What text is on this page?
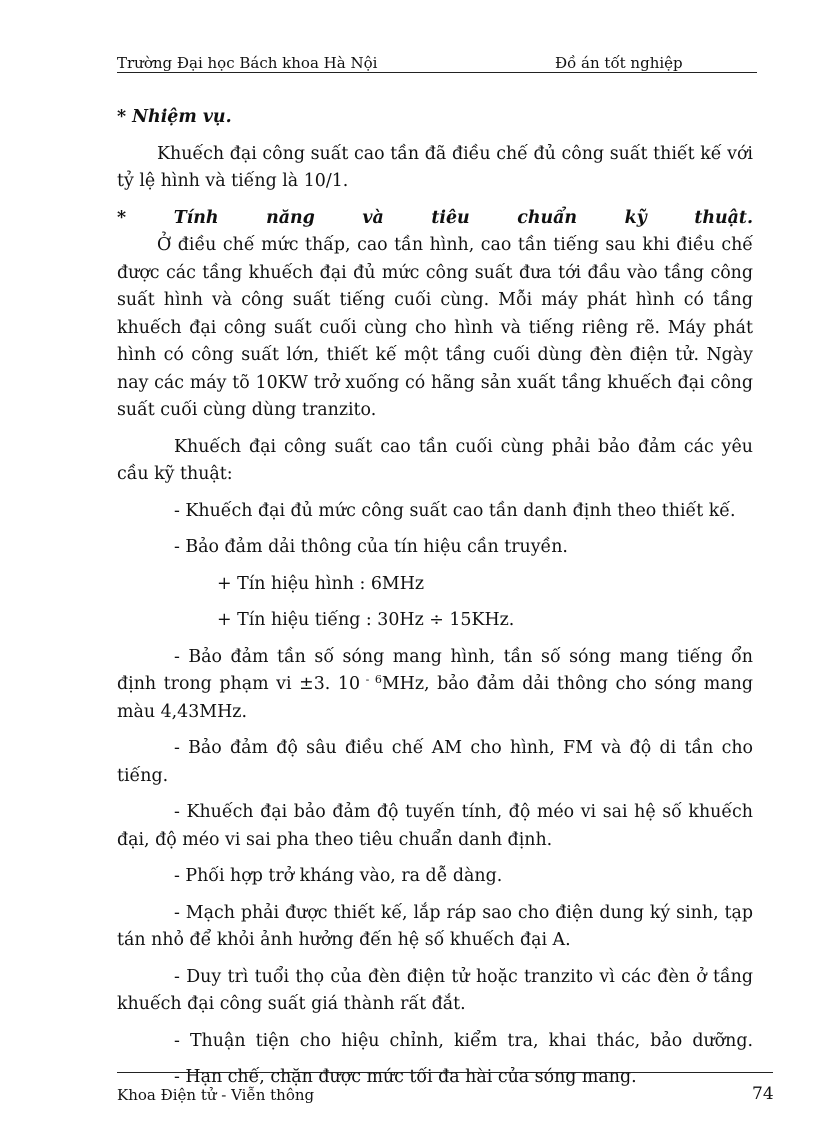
Trường Đại học Bách khoa Hà Nội	Đồ án tốt nghiệp

* Nhiệm vụ.

Khuếch đại công suất cao tần đã điều chế đủ công suất thiết kế với tỷ lệ hình và tiếng là 10/1.

*	Tính năng và tiêu chuẩn kỹ thuật.

Ở điều chế mức thấp, cao tần hình, cao tần tiếng sau khi điều chế được các tầng khuếch đại đủ mức công suất đưa tới đầu vào tầng công suất hình và công suất tiếng cuối cùng. Mỗi máy phát hình có tầng khuếch đại công suất cuối cùng cho hình và tiếng riêng rẽ. Máy phát hình có công suất lớn, thiết kế một tầng cuối dùng đèn điện tử. Ngày nay các máy tõ 10KW trở xuống có hãng sản xuất tầng khuếch đại công suất cuối cùng dùng tranzito.

Khuếch đại công suất cao tần cuối cùng phải bảo đảm các yêu cầu kỹ thuật:

- Khuếch đại đủ mức công suất cao tần danh định theo thiết kế.

- Bảo đảm dải thông của tín hiệu cần truyền.

+ Tín hiệu hình : 6MHz

+ Tín hiệu tiếng : 30Hz ÷ 15KHz.

- Bảo đảm tần số sóng mang hình, tần số sóng mang tiếng ổn định trong phạm vi ±3. 10 $^{- 6}$MHz, bảo đảm dải thông cho sóng mang màu 4,43MHz.

- Bảo đảm độ sâu điều chế AM cho hình, FM và độ di tần cho tiếng.

- Khuếch đại bảo đảm độ tuyến tính, độ méo vi sai hệ số khuếch đại, độ méo vi sai pha theo tiêu chuẩn danh định.

- Phối hợp trở kháng vào, ra dễ dàng.

- Mạch phải được thiết kế, lắp ráp sao cho điện dung ký sinh, tạp tán nhỏ để khỏi ảnh hưởng đến hệ số khuếch đại A.

- Duy trì tuổi thọ của đèn điện tử hoặc tranzito vì các đèn ở tầng khuếch đại công suất giá thành rất đắt.

- Thuận tiện cho hiệu chỉnh, kiểm tra, khai thác, bảo dưỡng.

- Hạn chế, chặn được mức tối đa hài của sóng mang.

Khoa Điện tử - Viễn thông	74
